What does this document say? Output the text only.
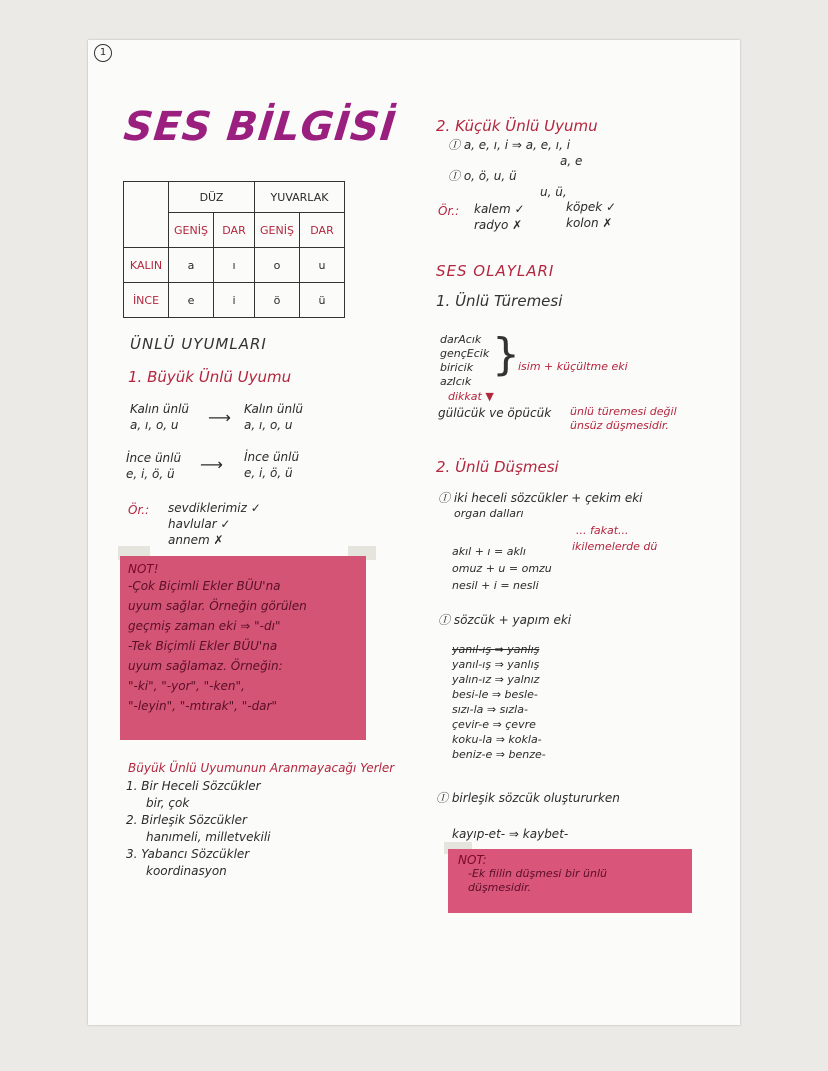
1
SES BİLGİSİ
	DÜZ		YUVARLAK	
	GENİŞ	DAR	GENİŞ	DAR
KALIN	a	ı	o	u
İNCE	e	i	ö	ü
ÜNLÜ UYUMLARI
1. Büyük Ünlü Uyumu
Kalın ünlü
a, ı, o, u	⟶ Kalın ünlü
a, ı, o, u
İnce ünlü
e, i, ö, ü	⟶ İnce ünlü
e, i, ö, ü
Ör.: sevdiklerimiz ✓
havlular ✓
annem ✗
NOT!
-Çok Biçimli Ekler BÜU'na
uyum sağlar. Örneğin görülen
geçmiş zaman eki ⇒ "-dı"
-Tek Biçimli Ekler BÜU'na
uyum sağlamaz. Örneğin:
"-ki", "-yor", "-ken",
"-leyin", "-mtırak", "-dar"
Büyük Ünlü Uyumunun Aranmayacağı Yerler
1. Bir Heceli Sözcükler
bir, çok
2. Birleşik Sözcükler
hanımeli, milletvekili
3. Yabancı Sözcükler
koordinasyon
2. Küçük Ünlü Uyumu
Ⓘ a, e, ı, i ⇒ a, e, ı, i
a, e
Ⓘ o, ö, u, ü
u, ü,
Ör.: kalem ✓
radyo ✗
köpek ✓
kolon ✗
SES OLAYLARI
1. Ünlü Türemesi
darAcık
gençEcik
biricik
azIcık
}
isim + küçültme eki
dikkat ▼
gülücük ve öpücük ünlü türemesi değil
ünsüz düşmesidir.
2. Ünlü Düşmesi
Ⓘ iki heceli sözcükler + çekim eki
organ dalları
... fakat...
ikilemelerde dü
akıl + ı = aklı
omuz + u = omzu
nesil + i = nesli
Ⓘ sözcük + yapım eki
yanıl-ış ⇒ yanlış
yanıl-ış ⇒ yanlış
yalın-ız ⇒ yalnız
besi-le ⇒ besle-
sızı-la ⇒ sızla-
çevir-e ⇒ çevre
koku-la ⇒ kokla-
beniz-e ⇒ benze-
Ⓘ birleşik sözcük oluştururken
kayıp-et- ⇒ kaybet-
NOT:
-Ek fiilin düşmesi bir ünlü
düşmesidir.
